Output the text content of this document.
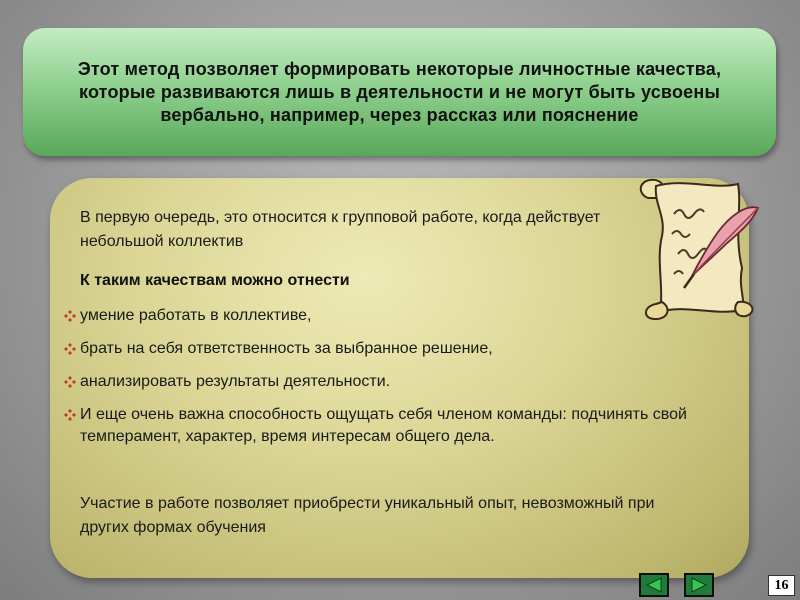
Этот метод позволяет формировать некоторые личностные качества, которые развиваются лишь в деятельности и не могут быть усвоены вербально, например, через рассказ или пояснение

В первую очередь, это относится к групповой работе, когда действует небольшой коллектив

К таким качествам можно отнести

умение работать в коллективе,
брать на себя ответственность за выбранное решение,
анализировать результаты деятельности.
И еще очень важна способность ощущать себя членом команды: подчинять свой темперамент, характер, время интересам общего дела.

Участие в работе позволяет приобрести уникальный опыт, невозможный при других формах обучения

16
